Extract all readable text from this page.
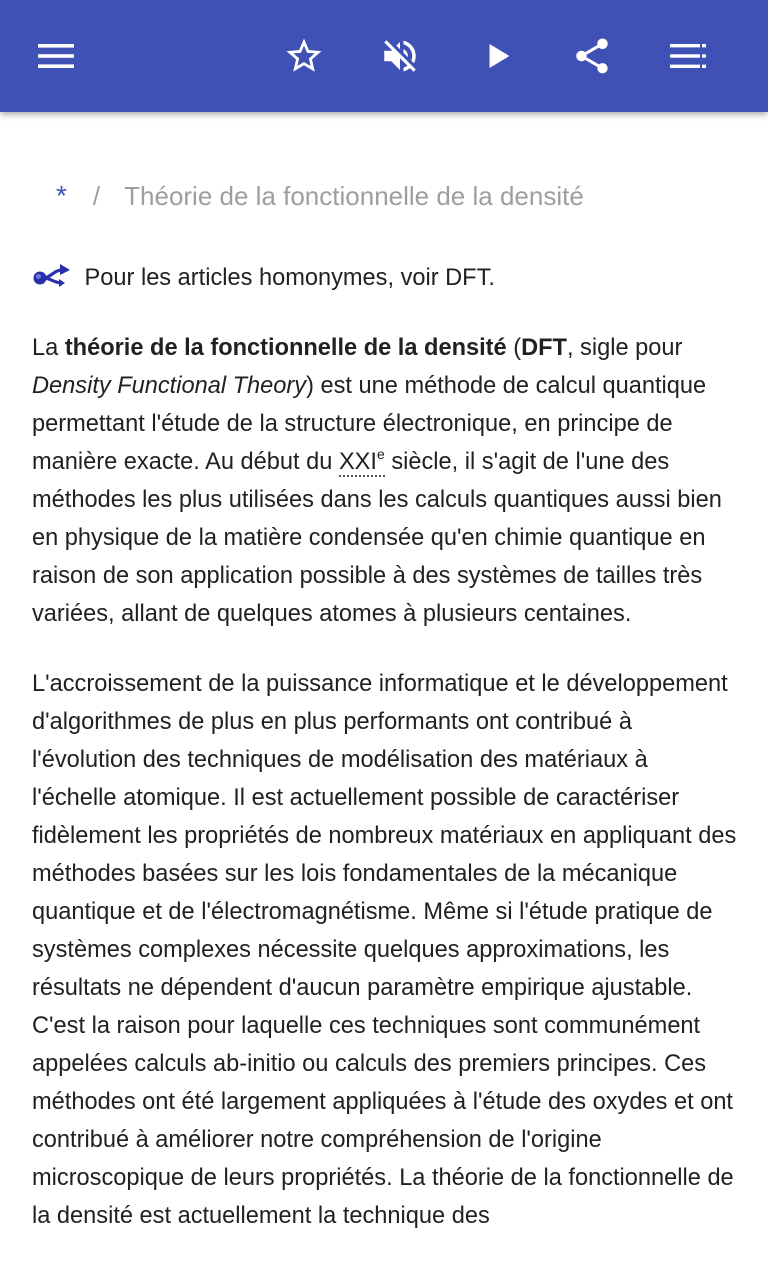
* / Théorie de la fonctionnelle de la densité

Pour les articles homonymes, voir DFT.

La théorie de la fonctionnelle de la densité (DFT, sigle pour Density Functional Theory) est une méthode de calcul quantique permettant l'étude de la structure électronique, en principe de manière exacte. Au début du XXIe siècle, il s'agit de l'une des méthodes les plus utilisées dans les calculs quantiques aussi bien en physique de la matière condensée qu'en chimie quantique en raison de son application possible à des systèmes de tailles très variées, allant de quelques atomes à plusieurs centaines.

L'accroissement de la puissance informatique et le développement d'algorithmes de plus en plus performants ont contribué à l'évolution des techniques de modélisation des matériaux à l'échelle atomique. Il est actuellement possible de caractériser fidèlement les propriétés de nombreux matériaux en appliquant des méthodes basées sur les lois fondamentales de la mécanique quantique et de l'électromagnétisme. Même si l'étude pratique de systèmes complexes nécessite quelques approximations, les résultats ne dépendent d'aucun paramètre empirique ajustable. C'est la raison pour laquelle ces techniques sont communément appelées calculs ab-initio ou calculs des premiers principes. Ces méthodes ont été largement appliquées à l'étude des oxydes et ont contribué à améliorer notre compréhension de l'origine microscopique de leurs propriétés. La théorie de la fonctionnelle de la densité est actuellement la technique des
